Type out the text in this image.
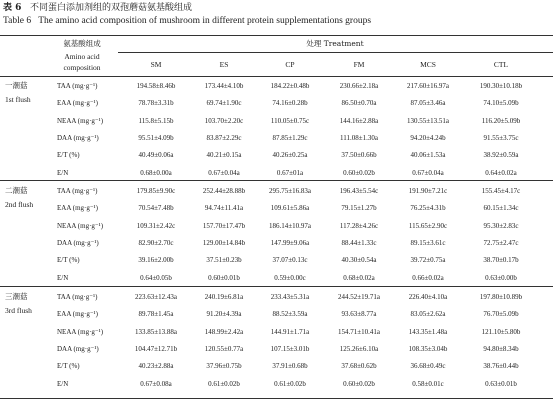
表 6 不同蛋白添加剂组的双孢蘑菇氨基酸组成
Table 6 The amino acid composition of mushroom in different protein supplementations groups
氨基酸组成
Amino acid
composition
处理 Treatment
SM	ES	CP	FM	MCS	CTL
一潮菇
1st flush
TAA (mg·g⁻¹)	194.58±8.46b	173.44±4.10b	184.22±0.48b	230.66±2.18a	217.60±16.97a	190.30±10.18b
EAA (mg·g⁻¹)	78.78±3.31b	69.74±1.90c	74.16±0.28b	86.50±0.70a	87.05±3.46a	74.10±5.09b
NEAA (mg·g⁻¹)	115.8±5.15b	103.70±2.20c	110.05±0.75c	144.16±2.88a	130.55±13.51a	116.20±5.09b
DAA (mg·g⁻¹)	95.51±4.09b	83.87±2.29c	87.85±1.29c	111.08±1.30a	94.20±4.24b	91.55±3.75c
E/T (%)	40.49±0.06a	40.21±0.15a	40.26±0.25a	37.50±0.66b	40.06±1.53a	38.92±0.59a
E/N	0.68±0.00a	0.67±0.04a	0.67±01a	0.60±0.02b	0.67±0.04a	0.64±0.02a
二潮菇
2nd flush
TAA (mg·g⁻¹)	179.85±9.90c	252.44±28.88b	295.75±16.83a	196.43±5.54c	191.90±7.21c	155.45±4.17c
EAA (mg·g⁻¹)	70.54±7.48b	94.74±11.41a	109.61±5.86a	79.15±1.27b	76.25±4.31b	60.15±1.34c
NEAA (mg·g⁻¹)	109.31±2.42c	157.70±17.47b	186.14±10.97a	117.28±4.26c	115.65±2.90c	95.30±2.83c
DAA (mg·g⁻¹)	82.90±2.70c	129.00±14.84b	147.99±9.06a	88.44±1.33c	89.15±3.61c	72.75±2.47c
E/T (%)	39.16±2.00b	37.51±0.23b	37.07±0.13c	40.30±0.54a	39.72±0.75a	38.70±0.17b
E/N	0.64±0.05b	0.60±0.01b	0.59±0.00c	0.68±0.02a	0.66±0.02a	0.63±0.00b
三潮菇
3rd flush
TAA (mg·g⁻¹)	223.63±12.43a	240.19±6.81a	233.43±5.31a	244.52±19.71a	226.40±4.10a	197.80±10.89b
EAA (mg·g⁻¹)	89.78±1.45a	91.20±4.39a	88.52±3.59a	93.63±8.77a	83.05±2.62a	76.70±5.09b
NEAA (mg·g⁻¹)	133.85±13.88a	148.99±2.42a	144.91±1.71a	154.71±10.41a	143.35±1.48a	121.10±5.80b
DAA (mg·g⁻¹)	104.47±12.71b	120.55±0.77a	107.15±3.01b	125.26±6.10a	108.35±3.04b	94.80±8.34b
E/T (%)	40.23±2.88a	37.96±0.75b	37.91±0.68b	37.68±0.62b	36.68±0.49c	38.76±0.44b
E/N	0.67±0.08a	0.61±0.02b	0.61±0.02b	0.60±0.02b	0.58±0.01c	0.63±0.01b
